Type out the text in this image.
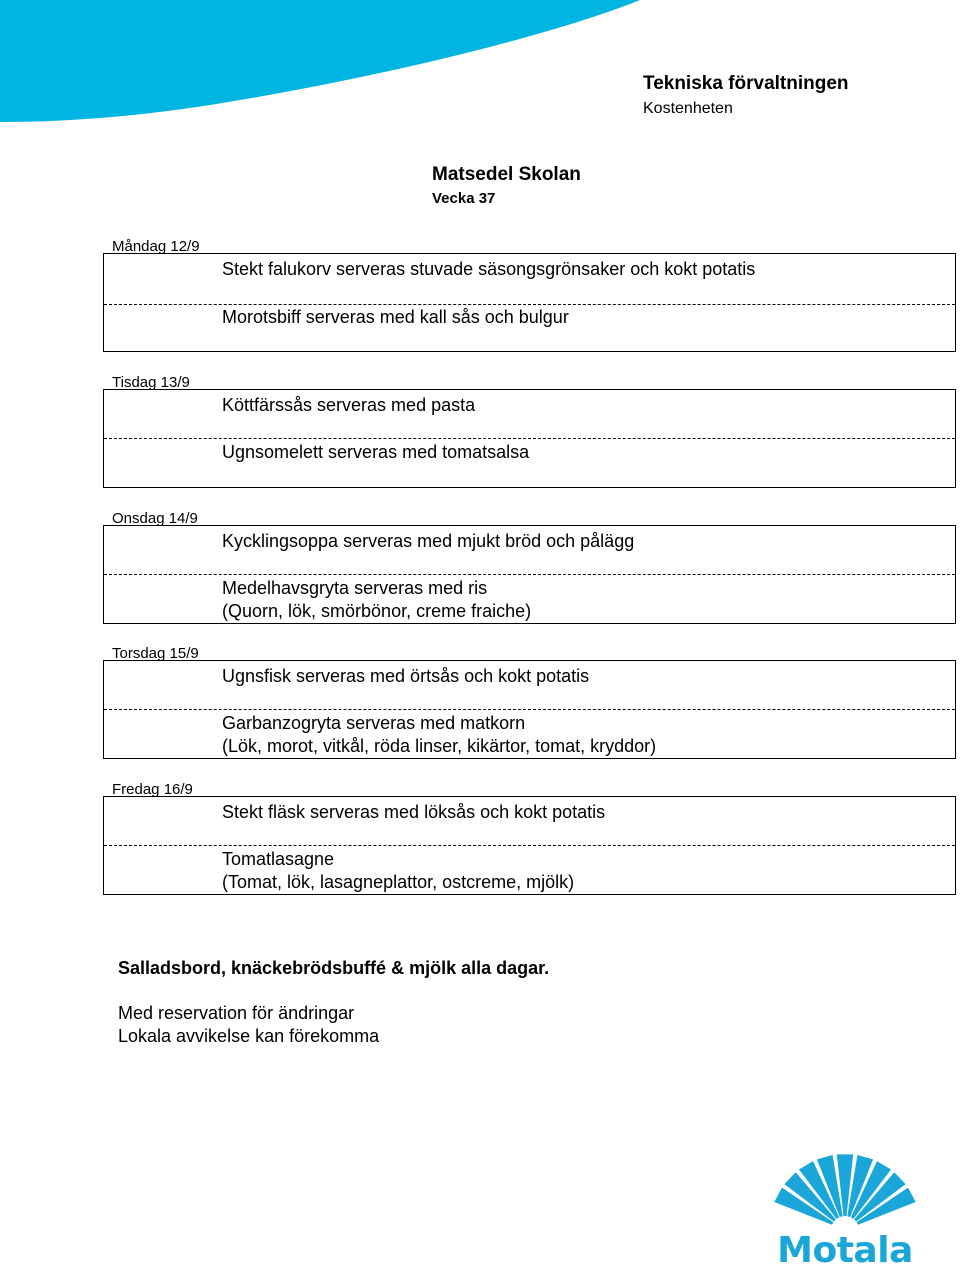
Tekniska förvaltningen
Kostenheten
Matsedel Skolan
Vecka 37
Måndag 12/9
Stekt falukorv serveras stuvade säsongsgrönsaker och kokt potatis
Morotsbiff serveras med kall sås och bulgur
Tisdag 13/9
Köttfärssås serveras med pasta
Ugnsomelett serveras med tomatsalsa
Onsdag 14/9
Kycklingsoppa serveras med mjukt bröd och pålägg
Medelhavsgryta serveras med ris
(Quorn, lök, smörbönor, creme fraiche)
Torsdag 15/9
Ugnsfisk serveras med örtsås och kokt potatis
Garbanzogryta serveras med matkorn
(Lök, morot, vitkål, röda linser, kikärtor, tomat, kryddor)
Fredag 16/9
Stekt fläsk serveras med löksås och kokt potatis
Tomatlasagne
(Tomat, lök, lasagneplattor, ostcreme, mjölk)
Salladsbord, knäckebrödsbuffé & mjölk alla dagar.
Med reservation för ändringar
Lokala avvikelse kan förekomma
Motala
